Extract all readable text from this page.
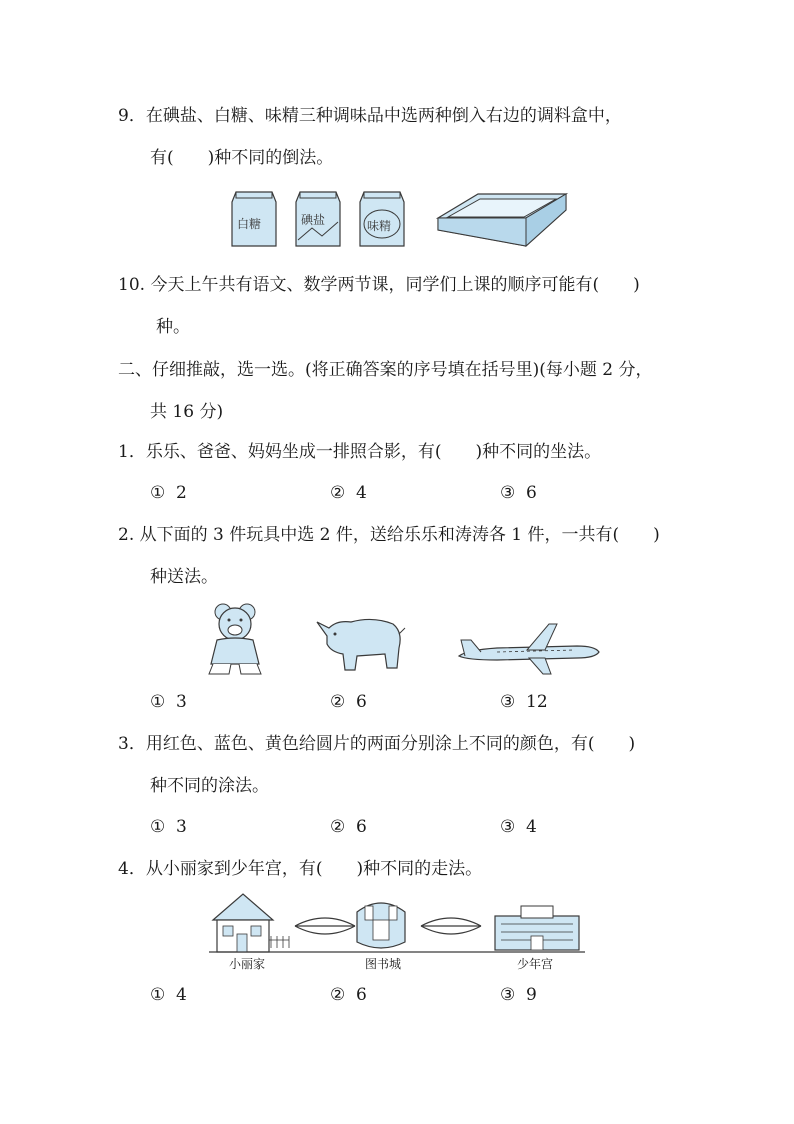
9．在碘盐、白糖、味精三种调味品中选两种倒入右边的调料盒中，
有(　　)种不同的倒法。
白糖	碘盐	味精
10. 今天上午共有语文、数学两节课，同学们上课的顺序可能有(　　)
种。
二、仔细推敲，选一选。(将正确答案的序号填在括号里)(每小题 2 分，
共 16 分)
1．乐乐、爸爸、妈妈坐成一排照合影，有(　　)种不同的坐法。
① 2	② 4	③ 6
2. 从下面的 3 件玩具中选 2 件，送给乐乐和涛涛各 1 件，一共有(　　)
种送法。
① 3	② 6	③ 12
3．用红色、蓝色、黄色给圆片的两面分别涂上不同的颜色，有(　　)
种不同的涂法。
① 3	② 6	③ 4
4．从小丽家到少年宫，有(　　)种不同的走法。
小丽家	图书城	少年宫
① 4	② 6	③ 9
